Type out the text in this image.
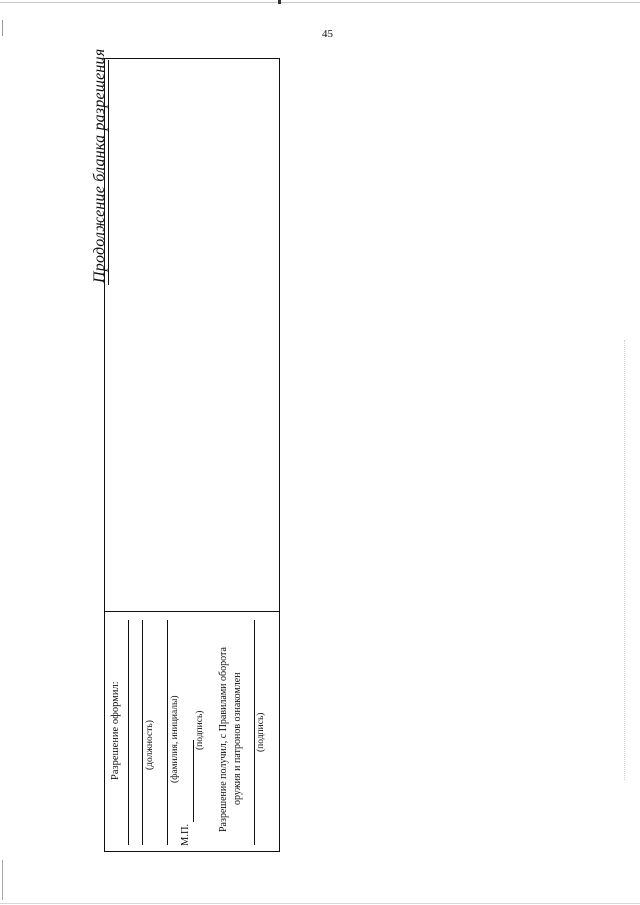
45
Продолжение бланка разрешения
Разрешение оформил:	(должность) (фамилия, инициалы)
М.П.
(подпись) Разрешение получил, с Правилами оборота оружия и патронов ознакомлен (подпись)
